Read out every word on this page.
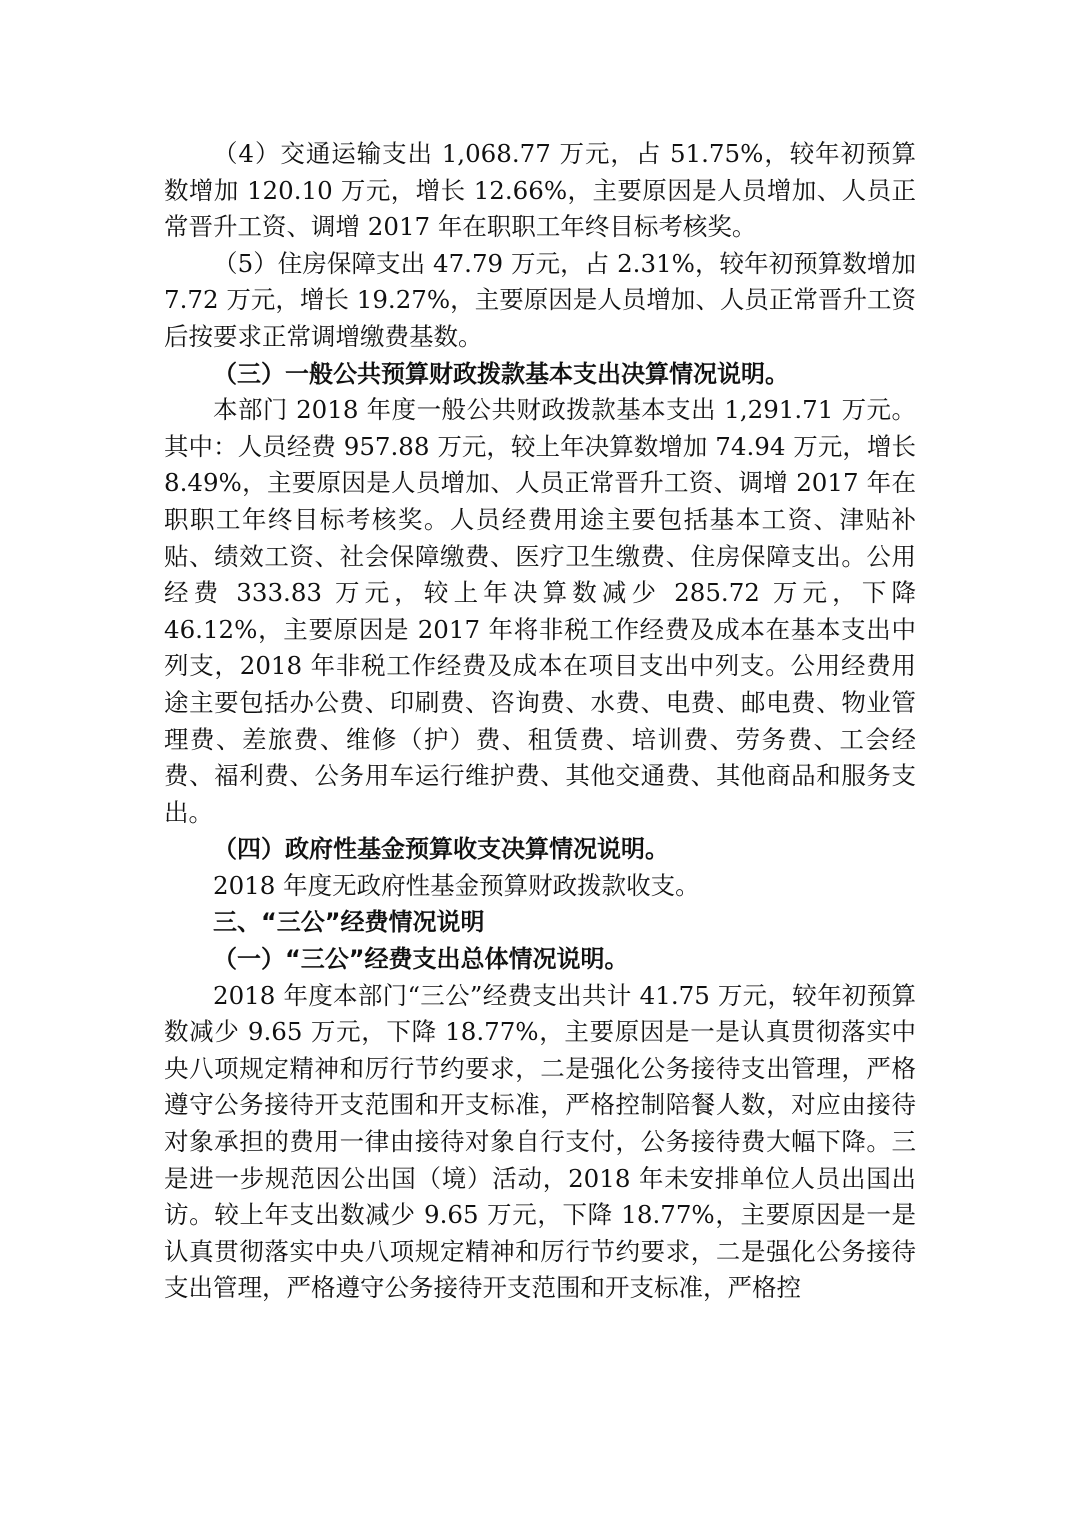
（4）交通运输支出 1,068.77 万元，占 51.75%，较年初预算数增加 120.10 万元，增长 12.66%，主要原因是人员增加、人员正常晋升工资、调增 2017 年在职职工年终目标考核奖。

（5）住房保障支出 47.79 万元，占 2.31%，较年初预算数增加 7.72 万元，增长 19.27%，主要原因是人员增加、人员正常晋升工资后按要求正常调增缴费基数。

（三）一般公共预算财政拨款基本支出决算情况说明。

本部门 2018 年度一般公共财政拨款基本支出 1,291.71 万元。其中：人员经费 957.88 万元，较上年决算数增加 74.94 万元，增长 8.49%，主要原因是人员增加、人员正常晋升工资、调增 2017 年在职职工年终目标考核奖。人员经费用途主要包括基本工资、津贴补贴、绩效工资、社会保障缴费、医疗卫生缴费、住房保障支出。公用经费 333.83 万元，较上年决算数减少 285.72 万元，下降 46.12%，主要原因是 2017 年将非税工作经费及成本在基本支出中列支，2018 年非税工作经费及成本在项目支出中列支。公用经费用途主要包括办公费、印刷费、咨询费、水费、电费、邮电费、物业管理费、差旅费、维修（护）费、租赁费、培训费、劳务费、工会经费、福利费、公务用车运行维护费、其他交通费、其他商品和服务支出。

（四）政府性基金预算收支决算情况说明。

2018 年度无政府性基金预算财政拨款收支。

三、“三公”经费情况说明

（一）“三公”经费支出总体情况说明。

2018 年度本部门“三公”经费支出共计 41.75 万元，较年初预算数减少 9.65 万元，下降 18.77%，主要原因是一是认真贯彻落实中央八项规定精神和厉行节约要求，二是强化公务接待支出管理，严格遵守公务接待开支范围和开支标准，严格控制陪餐人数，对应由接待对象承担的费用一律由接待对象自行支付，公务接待费大幅下降。三是进一步规范因公出国（境）活动，2018 年未安排单位人员出国出访。较上年支出数减少 9.65 万元，下降 18.77%，主要原因是一是认真贯彻落实中央八项规定精神和厉行节约要求，二是强化公务接待支出管理，严格遵守公务接待开支范围和开支标准，严格控
